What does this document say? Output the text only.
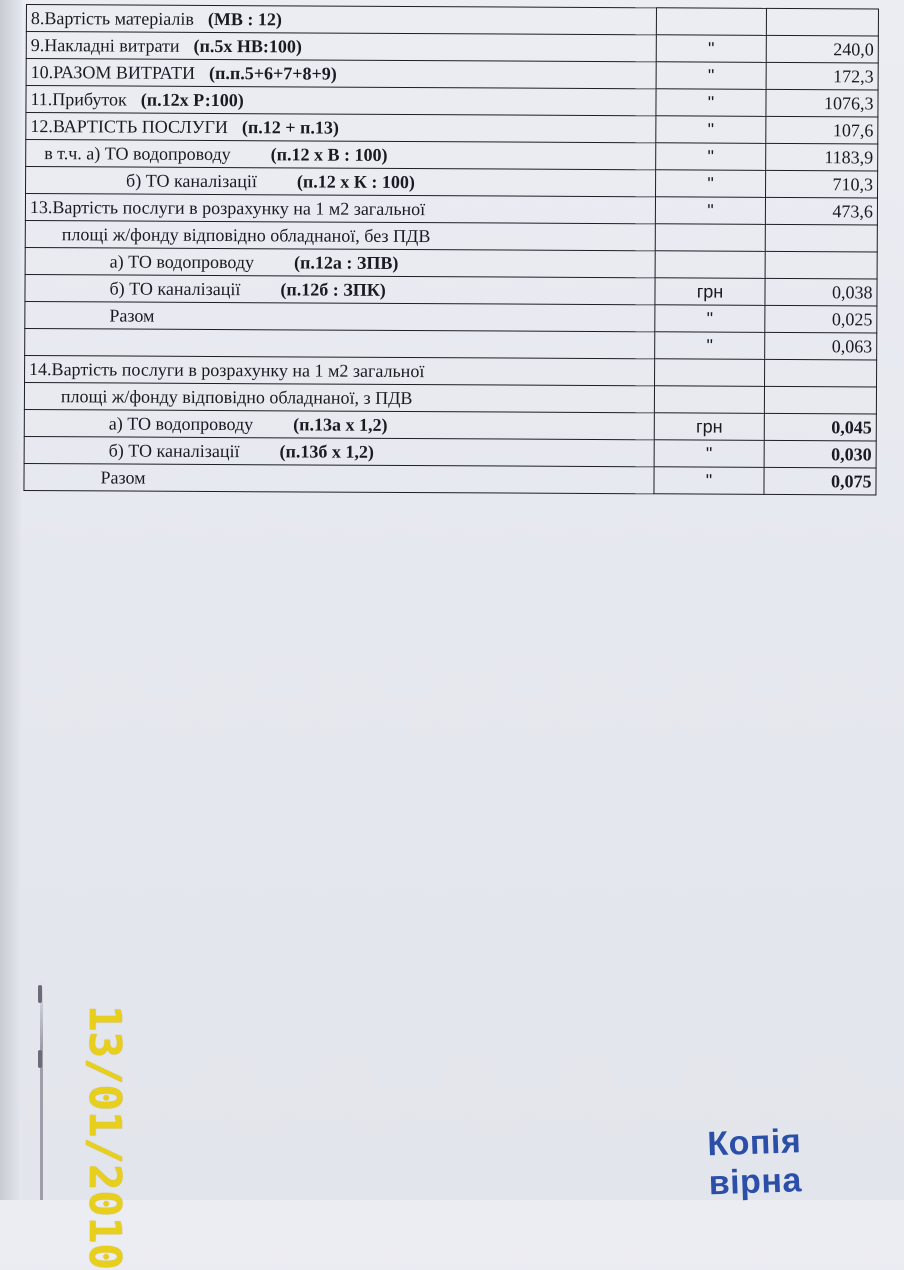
8.Вартість матеріалів (МВ : 12)		
9.Накладні витрати (п.5х НВ:100)	"	240,0
10.РАЗОМ ВИТРАТИ (п.п.5+6+7+8+9)	"	172,3
11.Прибуток (п.12х Р:100)	"	1076,3
12.ВАРТІСТЬ ПОСЛУГИ (п.12 + п.13)	"	107,6
в т.ч. а) ТО водопроводу (п.12 х В : 100)	"	1183,9
б) ТО каналізації (п.12 х К : 100)	"	710,3
13.Вартість послуги в розрахунку на 1 м2 загальної	"	473,6
площі ж/фонду відповідно обладнаної, без ПДВ		
а) ТО водопроводу (п.12а : ЗПВ)		
б) ТО каналізації (п.12б : ЗПК)	грн	0,038
Разом	"	0,025
	"	0,063
14.Вартість послуги в розрахунку на 1 м2 загальної		
площі ж/фонду відповідно обладнаної, з ПДВ		
а) ТО водопроводу (п.13а х 1,2)	грн	0,045
б) ТО каналізації (п.13б х 1,2)	"	0,030
Разом	"	0,075
Копія вірна
13/01/2010
